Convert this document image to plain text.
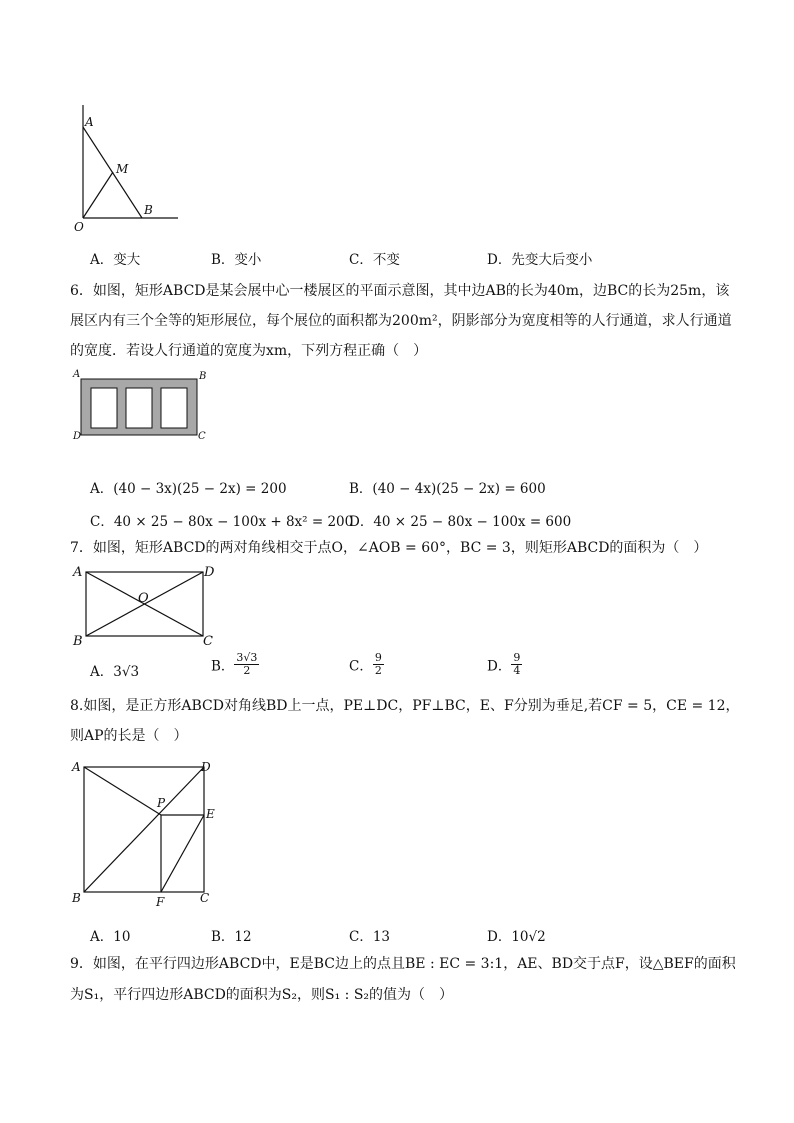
A
M
B
O
A．变大	B．变小	C．不变	D．先变大后变小
6．如图，矩形ABCD是某会展中心一楼展区的平面示意图，其中边AB的长为40m，边BC的长为25m，该
展区内有三个全等的矩形展位，每个展位的面积都为200m²，阴影部分为宽度相等的人行通道，求人行通道
的宽度．若设人行通道的宽度为xm，下列方程正确（　）
A	B
D	C
A．(40 − 3x)(25 − 2x) = 200	B．(40 − 4x)(25 − 2x) = 600
C．40 × 25 − 80x − 100x + 8x² = 200
D．40 × 25 − 80x − 100x = 600
7．如图，矩形ABCD的两对角线相交于点O，∠AOB = 60°，BC = 3，则矩形ABCD的面积为（　）
A	D
O
B	C
A．3√3	B． $\frac{3√3}{2}$	C． $\frac{9}{2}$	D． $\frac{9}{4}$
8.如图，是正方形ABCD对角线BD上一点，PE⊥DC，PF⊥BC，E、F分别为垂足,若CF = 5，CE = 12，
则AP的长是（　）
A	D
P
E
B	F	C
A．10	B．12	C．13	D．10√2
9．如图，在平行四边形ABCD中，E是BC边上的点且BE : EC = 3:1，AE、BD交于点F，设△BEF的面积
为S₁，平行四边形ABCD的面积为S₂，则S₁ : S₂的值为（　）
